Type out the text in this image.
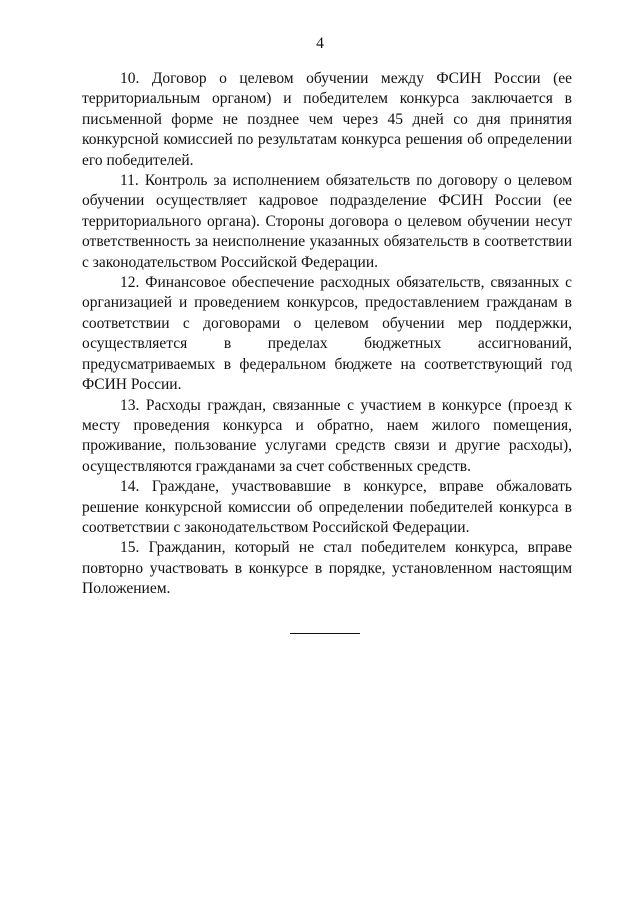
4

10. Договор о целевом обучении между ФСИН России (ее территориальным органом) и победителем конкурса заключается в письменной форме не позднее чем через 45 дней со дня принятия конкурсной комиссией по результатам конкурса решения об определении его победителей.

11. Контроль за исполнением обязательств по договору о целевом обучении осуществляет кадровое подразделение ФСИН России (ее территориального органа). Стороны договора о целевом обучении несут ответственность за неисполнение указанных обязательств в соответствии с законодательством Российской Федерации.

12. Финансовое обеспечение расходных обязательств, связанных с организацией и проведением конкурсов, предоставлением гражданам в соответствии с договорами о целевом обучении мер поддержки, осуществляется в пределах бюджетных ассигнований, предусматриваемых в федеральном бюджете на соответствующий год ФСИН России.

13. Расходы граждан, связанные с участием в конкурсе (проезд к месту проведения конкурса и обратно, наем жилого помещения, проживание, пользование услугами средств связи и другие расходы), осуществляются гражданами за счет собственных средств.

14. Граждане, участвовавшие в конкурсе, вправе обжаловать решение конкурсной комиссии об определении победителей конкурса в соответствии с законодательством Российской Федерации.

15. Гражданин, который не стал победителем конкурса, вправе повторно участвовать в конкурсе в порядке, установленном настоящим Положением.
